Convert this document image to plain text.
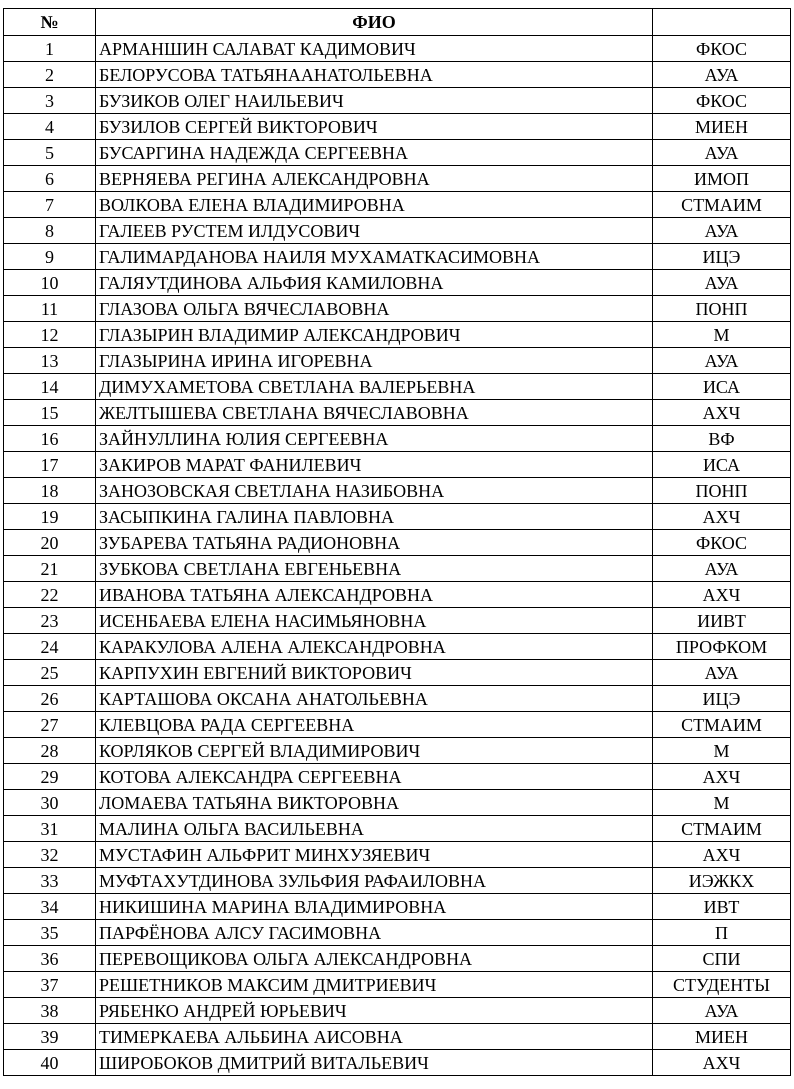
№	ФИО	
1	АРМАНШИН САЛАВАТ КАДИМОВИЧ	ФКОС
2	БЕЛОРУСОВА ТАТЬЯНААНАТОЛЬЕВНА	АУА
3	БУЗИКОВ ОЛЕГ НАИЛЬЕВИЧ	ФКОС
4	БУЗИЛОВ СЕРГЕЙ ВИКТОРОВИЧ	МИЕН
5	БУСАРГИНА НАДЕЖДА СЕРГЕЕВНА	АУА
6	ВЕРНЯЕВА РЕГИНА АЛЕКСАНДРОВНА	ИМОП
7	ВОЛКОВА ЕЛЕНА ВЛАДИМИРОВНА	СТМАИМ
8	ГАЛЕЕВ РУСТЕМ ИЛДУСОВИЧ	АУА
9	ГАЛИМАРДАНОВА НАИЛЯ МУХАМАТКАСИМОВНА	ИЦЭ
10	ГАЛЯУТДИНОВА АЛЬФИЯ КАМИЛОВНА	АУА
11	ГЛАЗОВА ОЛЬГА ВЯЧЕСЛАВОВНА	ПОНП
12	ГЛАЗЫРИН ВЛАДИМИР АЛЕКСАНДРОВИЧ	М
13	ГЛАЗЫРИНА ИРИНА ИГОРЕВНА	АУА
14	ДИМУХАМЕТОВА СВЕТЛАНА ВАЛЕРЬЕВНА	ИСА
15	ЖЕЛТЫШЕВА СВЕТЛАНА ВЯЧЕСЛАВОВНА	АХЧ
16	ЗАЙНУЛЛИНА ЮЛИЯ СЕРГЕЕВНА	ВФ
17	ЗАКИРОВ МАРАТ ФАНИЛЕВИЧ	ИСА
18	ЗАНОЗОВСКАЯ СВЕТЛАНА НАЗИБОВНА	ПОНП
19	ЗАСЫПКИНА ГАЛИНА ПАВЛОВНА	АХЧ
20	ЗУБАРЕВА ТАТЬЯНА РАДИОНОВНА	ФКОС
21	ЗУБКОВА СВЕТЛАНА ЕВГЕНЬЕВНА	АУА
22	ИВАНОВА ТАТЬЯНА АЛЕКСАНДРОВНА	АХЧ
23	ИСЕНБАЕВА ЕЛЕНА НАСИМЬЯНОВНА	ИИВТ
24	КАРАКУЛОВА АЛЕНА АЛЕКСАНДРОВНА	ПРОФКОМ
25	КАРПУХИН ЕВГЕНИЙ ВИКТОРОВИЧ	АУА
26	КАРТАШОВА ОКСАНА АНАТОЛЬЕВНА	ИЦЭ
27	КЛЕВЦОВА РАДА СЕРГЕЕВНА	СТМАИМ
28	КОРЛЯКОВ СЕРГЕЙ ВЛАДИМИРОВИЧ	М
29	КОТОВА АЛЕКСАНДРА СЕРГЕЕВНА	АХЧ
30	ЛОМАЕВА ТАТЬЯНА ВИКТОРОВНА	М
31	МАЛИНА ОЛЬГА ВАСИЛЬЕВНА	СТМАИМ
32	МУСТАФИН АЛЬФРИТ МИНХУЗЯЕВИЧ	АХЧ
33	МУФТАХУТДИНОВА ЗУЛЬФИЯ РАФАИЛОВНА	ИЭЖКХ
34	НИКИШИНА МАРИНА ВЛАДИМИРОВНА	ИВТ
35	ПАРФЁНОВА АЛСУ ГАСИМОВНА	П
36	ПЕРЕВОЩИКОВА ОЛЬГА АЛЕКСАНДРОВНА	СПИ
37	РЕШЕТНИКОВ МАКСИМ ДМИТРИЕВИЧ	СТУДЕНТЫ
38	РЯБЕНКО АНДРЕЙ ЮРЬЕВИЧ	АУА
39	ТИМЕРКАЕВА АЛЬБИНА АИСОВНА	МИЕН
40	ШИРОБОКОВ ДМИТРИЙ ВИТАЛЬЕВИЧ	АХЧ
